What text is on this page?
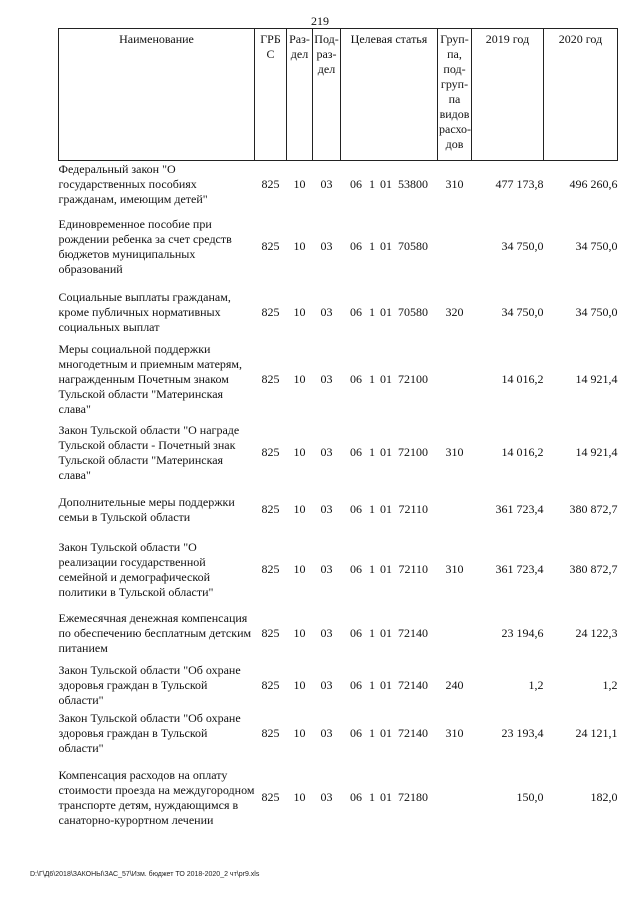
219
Наименование	ГРБ С	Раз- дел	Под- раз- дел	Целевая статья	Груп- па, под- груп- па видов расхо- дов	2019 год	2020 год
Федеральный закон "О государственных пособиях гражданам, имеющим детей"	825	10	03	06 1 01 53800	310	477 173,8	496 260,6
Единовременное пособие при рождении ребенка за счет средств бюджетов муниципальных образований	825	10	03	06 1 01 70580		34 750,0	34 750,0
Социальные выплаты гражданам, кроме публичных нормативных социальных выплат	825	10	03	06 1 01 70580	320	34 750,0	34 750,0
Меры социальной поддержки многодетным и приемным матерям, награжденным Почетным знаком Тульской области "Материнская слава"	825	10	03	06 1 01 72100		14 016,2	14 921,4
Закон Тульской области "О награде Тульской области - Почетный знак Тульской области "Материнская слава"	825	10	03	06 1 01 72100	310	14 016,2	14 921,4
Дополнительные меры поддержки семьи в Тульской области	825	10	03	06 1 01 72110		361 723,4	380 872,7
Закон Тульской области "О реализации государственной семейной и демографической политики в Тульской области"	825	10	03	06 1 01 72110	310	361 723,4	380 872,7
Ежемесячная денежная компенсация по обеспечению бесплатным детским питанием	825	10	03	06 1 01 72140		23 194,6	24 122,3
Закон Тульской области "Об охране здоровья граждан в Тульской области"	825	10	03	06 1 01 72140	240	1,2	1,2
Закон Тульской области "Об охране здоровья граждан в Тульской области"	825	10	03	06 1 01 72140	310	23 193,4	24 121,1
Компенсация расходов на оплату стоимости проезда на междугородном транспорте детям, нуждающимся в санаторно-курортном лечении	825	10	03	06 1 01 72180		150,0	182,0
D:\Г\Д6\2018\ЗАКОНЫ\ЗАС_57\Изм. бюджет ТО 2018-2020_2 чт\pr9.xls
